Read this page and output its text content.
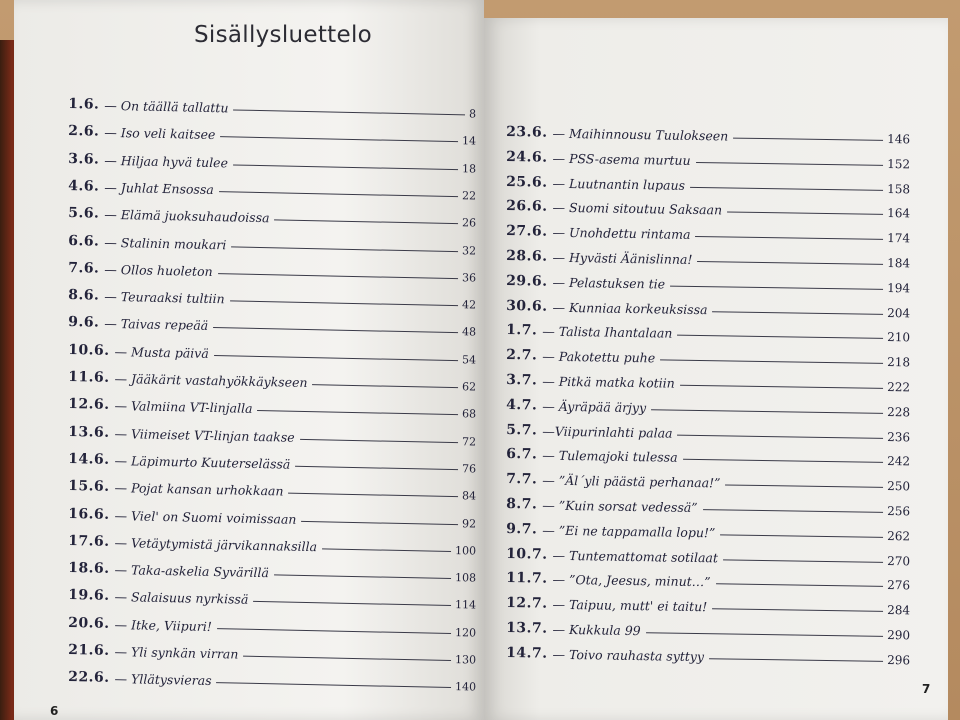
Sisällysluettelo
1.6. — On täällä tallattu	8
2.6. — Iso veli kaitsee	14
3.6. — Hiljaa hyvä tulee	18
4.6. — Juhlat Ensossa	22
5.6. — Elämä juoksuhaudoissa	26
6.6. — Stalinin moukari	32
7.6. — Ollos huoleton	36
8.6. — Teuraaksi tultiin	42
9.6. — Taivas repeää	48
10.6. — Musta päivä	54
11.6. — Jääkärit vastahyökkäykseen	62
12.6. — Valmiina VT-linjalla	68
13.6. — Viimeiset VT-linjan taakse	72
14.6. — Läpimurto Kuuterselässä	76
15.6. — Pojat kansan urhokkaan	84
16.6. — Viel' on Suomi voimissaan	92
17.6. — Vetäytymistä järvikannaksilla	100
18.6. — Taka-askelia Syvärillä	108
19.6. — Salaisuus nyrkissä	114
20.6. — Itke, Viipuri!	120
21.6. — Yli synkän virran	130
22.6. — Yllätysvieras	140
6
23.6. — Maihinnousu Tuulokseen	146
24.6. — PSS-asema murtuu	152
25.6. — Luutnantin lupaus	158
26.6. — Suomi sitoutuu Saksaan	164
27.6. — Unohdettu rintama	174
28.6. — Hyvästi Äänislinna!	184
29.6. — Pelastuksen tie	194
30.6. — Kunniaa korkeuksissa	204
1.7. — Talista Ihantalaan	210
2.7. — Pakotettu puhe	218
3.7. — Pitkä matka kotiin	222
4.7. — Äyräpää ärjyy	228
5.7. —Viipurinlahti palaa	236
6.7. — Tulemajoki tulessa	242
7.7. — ”Äl´yli päästä perhanaa!”	250
8.7. — ”Kuin sorsat vedessä”	256
9.7. — ”Ei ne tappamalla lopu!”	262
10.7. — Tuntemattomat sotilaat	270
11.7. — ”Ota, Jeesus, minut…”	276
12.7. — Taipuu, mutt' ei taitu!	284
13.7. — Kukkula 99	290
14.7. — Toivo rauhasta syttyy	296
7
